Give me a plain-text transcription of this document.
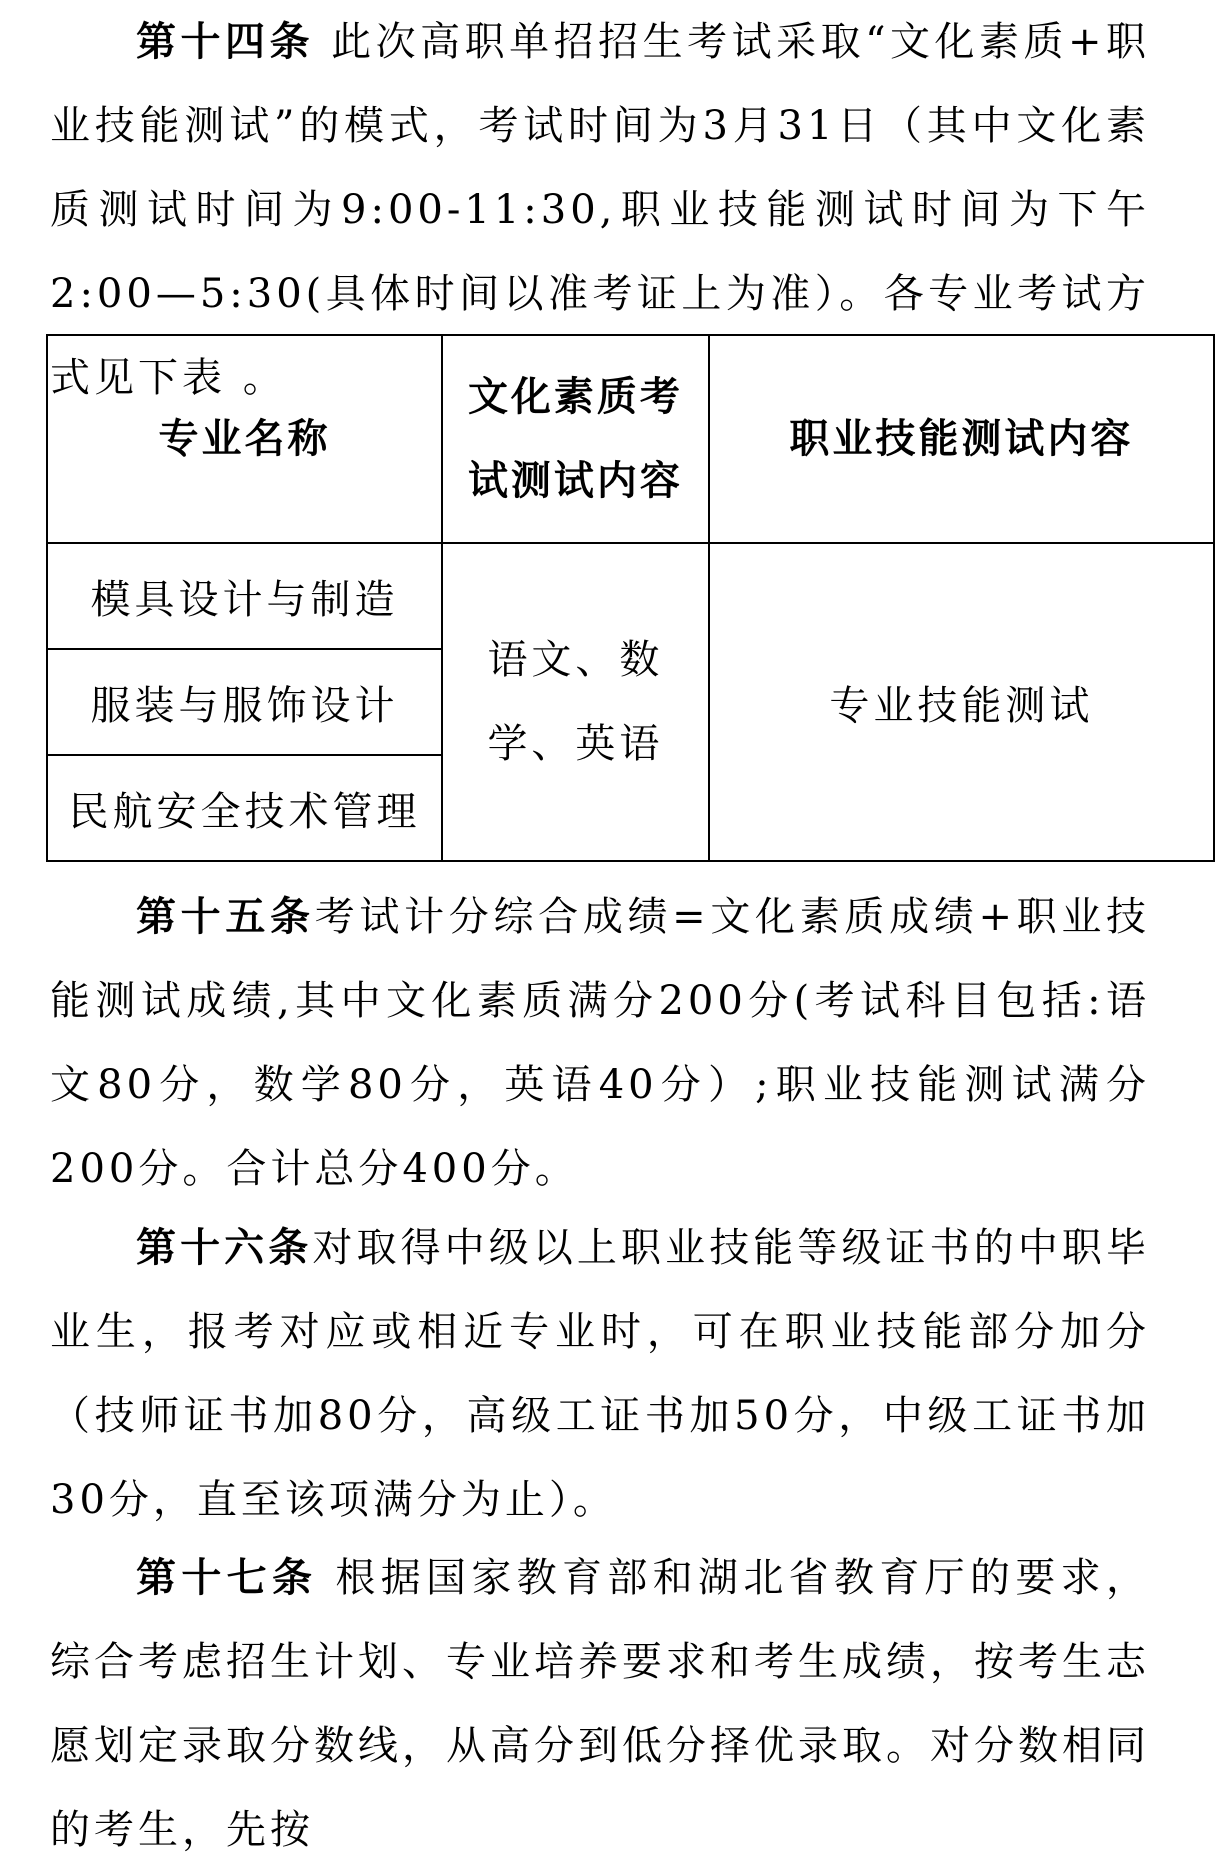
第十四条 此次高职单招招生考试采取“文化素质+职业技能测试”的模式，考试时间为3月31日（其中文化素质测试时间为9:00-11:30,职业技能测试时间为下午2:00—5:30(具体时间以准考证上为准）。各专业考试方式见下表 。

专业名称	文化素质考试测试内容	职业技能测试内容
模具设计与制造	语文、数学、英语	专业技能测试
服装与服饰设计		
民航安全技术管理		

第十五条考试计分综合成绩=文化素质成绩+职业技能测试成绩,其中文化素质满分200分(考试科目包括:语文80分，数学80分，英语40分）;职业技能测试满分200分。合计总分400分。

第十六条对取得中级以上职业技能等级证书的中职毕业生，报考对应或相近专业时，可在职业技能部分加分（技师证书加80分，高级工证书加50分，中级工证书加30分，直至该项满分为止）。

第十七条 根据国家教育部和湖北省教育厅的要求，综合考虑招生计划、专业培养要求和考生成绩，按考生志愿划定录取分数线，从高分到低分择优录取。对分数相同的考生，先按
